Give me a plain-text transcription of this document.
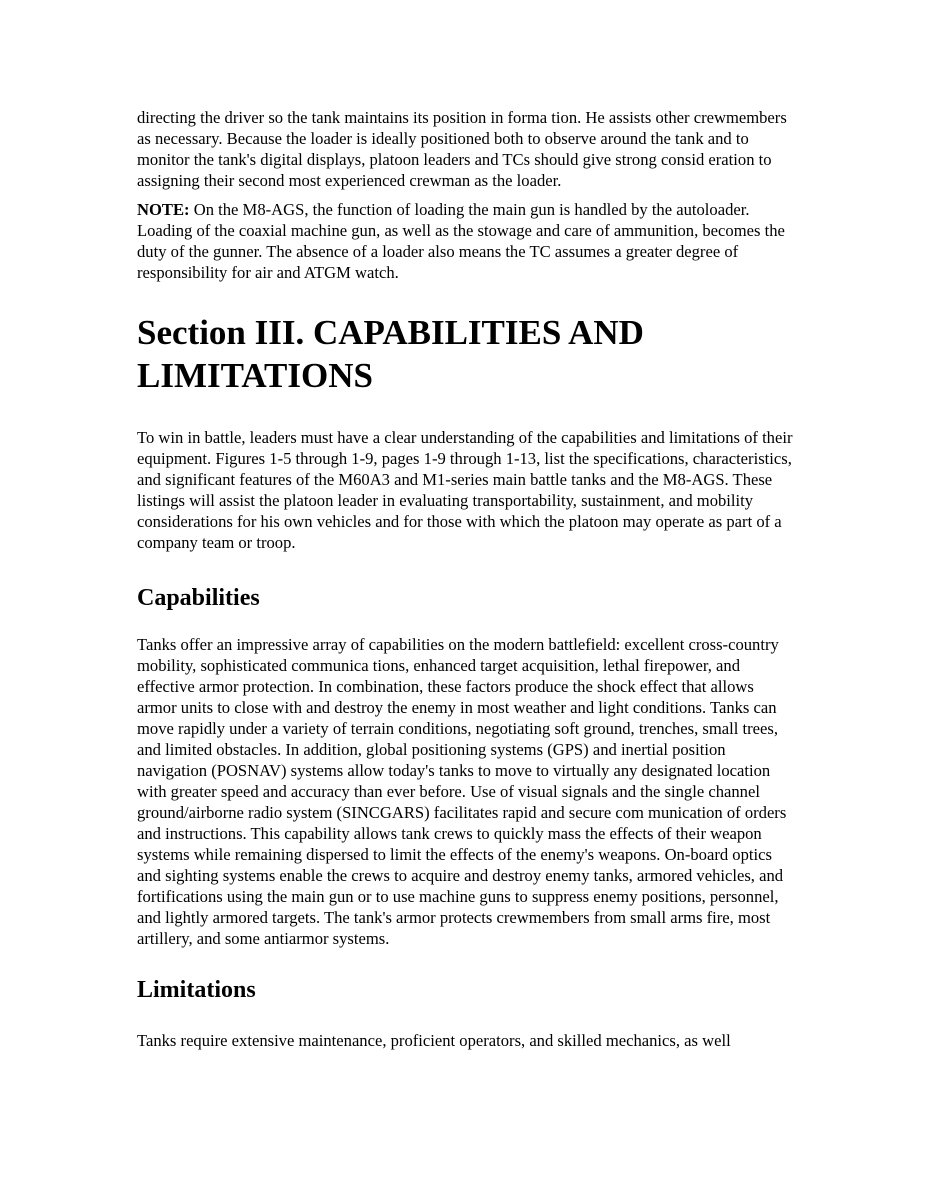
directing the driver so the tank maintains its position in forma tion. He assists other crewmembers as necessary. Because the loader is ideally positioned both to observe around the tank and to monitor the tank's digital displays, platoon leaders and TCs should give strong consid eration to assigning their second most experienced crewman as the loader.

NOTE: On the M8-AGS, the function of loading the main gun is handled by the autoloader. Loading of the coaxial machine gun, as well as the stowage and care of ammunition, becomes the duty of the gunner. The absence of a loader also means the TC assumes a greater degree of responsibility for air and ATGM watch.

Section III. CAPABILITIES AND LIMITATIONS

To win in battle, leaders must have a clear understanding of the capabilities and limitations of their equipment. Figures 1-5 through 1-9, pages 1-9 through 1-13, list the specifications, characteristics, and significant features of the M60A3 and M1-series main battle tanks and the M8-AGS. These listings will assist the platoon leader in evaluating transportability, sustainment, and mobility considerations for his own vehicles and for those with which the platoon may operate as part of a company team or troop.

Capabilities

Tanks offer an impressive array of capabilities on the modern battlefield: excellent cross-country mobility, sophisticated communica tions, enhanced target acquisition, lethal firepower, and effective armor protection. In combination, these factors produce the shock effect that allows armor units to close with and destroy the enemy in most weather and light conditions. Tanks can move rapidly under a variety of terrain conditions, negotiating soft ground, trenches, small trees, and limited obstacles. In addition, global positioning systems (GPS) and inertial position navigation (POSNAV) systems allow today's tanks to move to virtually any designated location with greater speed and accuracy than ever before. Use of visual signals and the single channel ground/airborne radio system (SINCGARS) facilitates rapid and secure com munication of orders and instructions. This capability allows tank crews to quickly mass the effects of their weapon systems while remaining dispersed to limit the effects of the enemy's weapons. On-board optics and sighting systems enable the crews to acquire and destroy enemy tanks, armored vehicles, and fortifications using the main gun or to use machine guns to suppress enemy positions, personnel, and lightly armored targets. The tank's armor protects crewmembers from small arms fire, most artillery, and some antiarmor systems.

Limitations

Tanks require extensive maintenance, proficient operators, and skilled mechanics, as well
